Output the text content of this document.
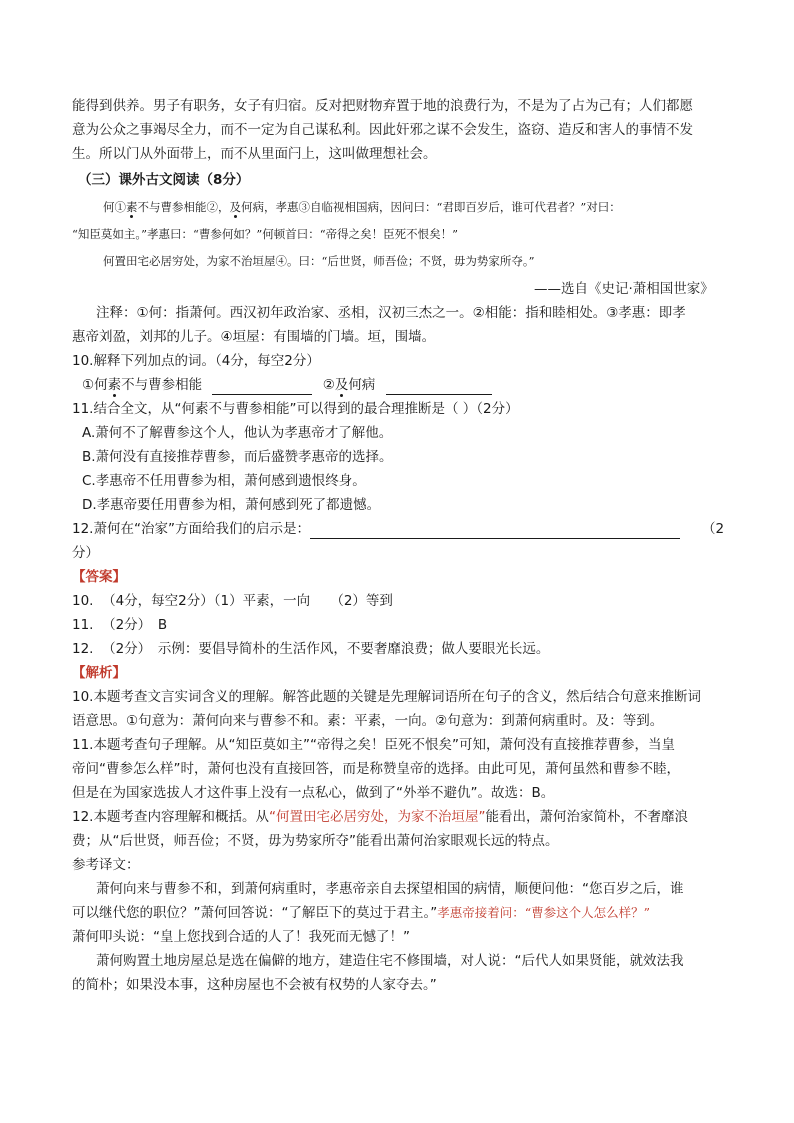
能得到供养。男子有职务，女子有归宿。反对把财物弃置于地的浪费行为，不是为了占为己有；人们都愿
意为公众之事竭尽全力，而不一定为自己谋私利。因此奸邪之谋不会发生，盗窃、造反和害人的事情不发
生。所以门从外面带上，而不从里面闩上，这叫做理想社会。
（三）课外古文阅读（8分）
何①素不与曹参相能②，及何病，孝惠③自临视相国病，因问曰：“君即百岁后，谁可代君者？”对曰：
“知臣莫如主。”孝惠曰：“曹参何如？”何顿首曰：“帝得之矣！臣死不恨矣！”
何置田宅必居穷处，为家不治垣屋④。曰：“后世贤，师吾俭；不贤，毋为势家所夺。”
——选自《史记·萧相国世家》
注释：①何：指萧何。西汉初年政治家、丞相，汉初三杰之一。②相能：指和睦相处。③孝惠：即孝
惠帝刘盈，刘邦的儿子。④垣屋：有围墙的门墙。垣，围墙。
10.解释下列加点的词。（4分，每空2分）
①何素不与曹参相能	②及何病
11.结合全文，从“何素不与曹参相能”可以得到的最合理推断是（ ）（2分）
A.萧何不了解曹参这个人，他认为孝惠帝才了解他。
B.萧何没有直接推荐曹参，而后盛赞孝惠帝的选择。
C.孝惠帝不任用曹参为相，萧何感到遗恨终身。
D.孝惠帝要任用曹参为相，萧何感到死了都遗憾。
12.萧何在“治家”方面给我们的启示是：	（2
分）
【答案】
10. （4分，每空2分）（1）平素，一向　　（2）等到
11. （2分）　B
12. （2分）　示例：要倡导简朴的生活作风，不要奢靡浪费；做人要眼光长远。
【解析】
10.本题考查文言实词含义的理解。解答此题的关键是先理解词语所在句子的含义，然后结合句意来推断词
语意思。①句意为：萧何向来与曹参不和。素：平素，一向。②句意为：到萧何病重时。及：等到。
11.本题考查句子理解。从“知臣莫如主”“帝得之矣！臣死不恨矣”可知，萧何没有直接推荐曹参，当皇
帝问“曹参怎么样”时，萧何也没有直接回答，而是称赞皇帝的选择。由此可见，萧何虽然和曹参不睦，
但是在为国家选拔人才这件事上没有一点私心，做到了“外举不避仇”。故选：B。
12.本题考查内容理解和概括。从“何置田宅必居穷处，为家不治垣屋”能看出，萧何治家简朴，不奢靡浪
费；从“后世贤，师吾俭；不贤，毋为势家所夺”能看出萧何治家眼观长远的特点。
参考译文：
萧何向来与曹参不和，到萧何病重时，孝惠帝亲自去探望相国的病情，顺便问他：“您百岁之后，谁
可以继代您的职位？”萧何回答说：“了解臣下的莫过于君主。”孝惠帝接着问：“曹参这个人怎么样？”
萧何叩头说：“皇上您找到合适的人了！我死而无憾了！”
萧何购置土地房屋总是选在偏僻的地方，建造住宅不修围墙，对人说：“后代人如果贤能，就效法我
的简朴；如果没本事，这种房屋也不会被有权势的人家夺去。”
